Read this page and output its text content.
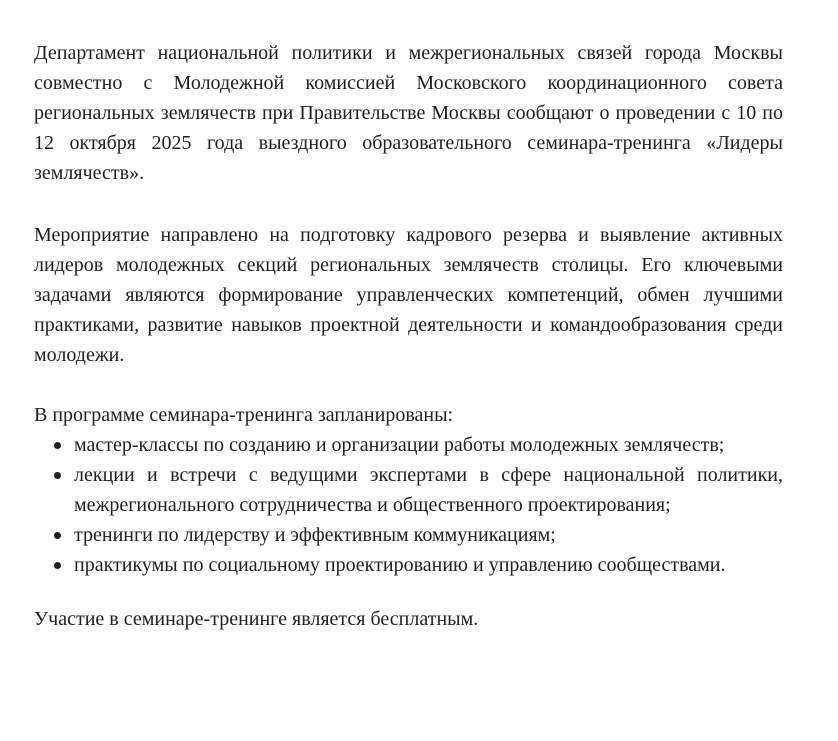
Департамент национальной политики и межрегиональных связей города Москвы совместно с Молодежной комиссией Московского координационного совета региональных землячеств при Правительстве Москвы сообщают о проведении с 10 по 12 октября 2025 года выездного образовательного семинара-тренинга «Лидеры землячеств».

Мероприятие направлено на подготовку кадрового резерва и выявление активных лидеров молодежных секций региональных землячеств столицы. Его ключевыми задачами являются формирование управленческих компетенций, обмен лучшими практиками, развитие навыков проектной деятельности и командообразования среди молодежи.

В программе семинара-тренинга запланированы:

мастер-классы по созданию и организации работы молодежных землячеств;
лекции и встречи с ведущими экспертами в сфере национальной политики, межрегионального сотрудничества и общественного проектирования;
тренинги по лидерству и эффективным коммуникациям;
практикумы по социальному проектированию и управлению сообществами.

Участие в семинаре-тренинге является бесплатным.
